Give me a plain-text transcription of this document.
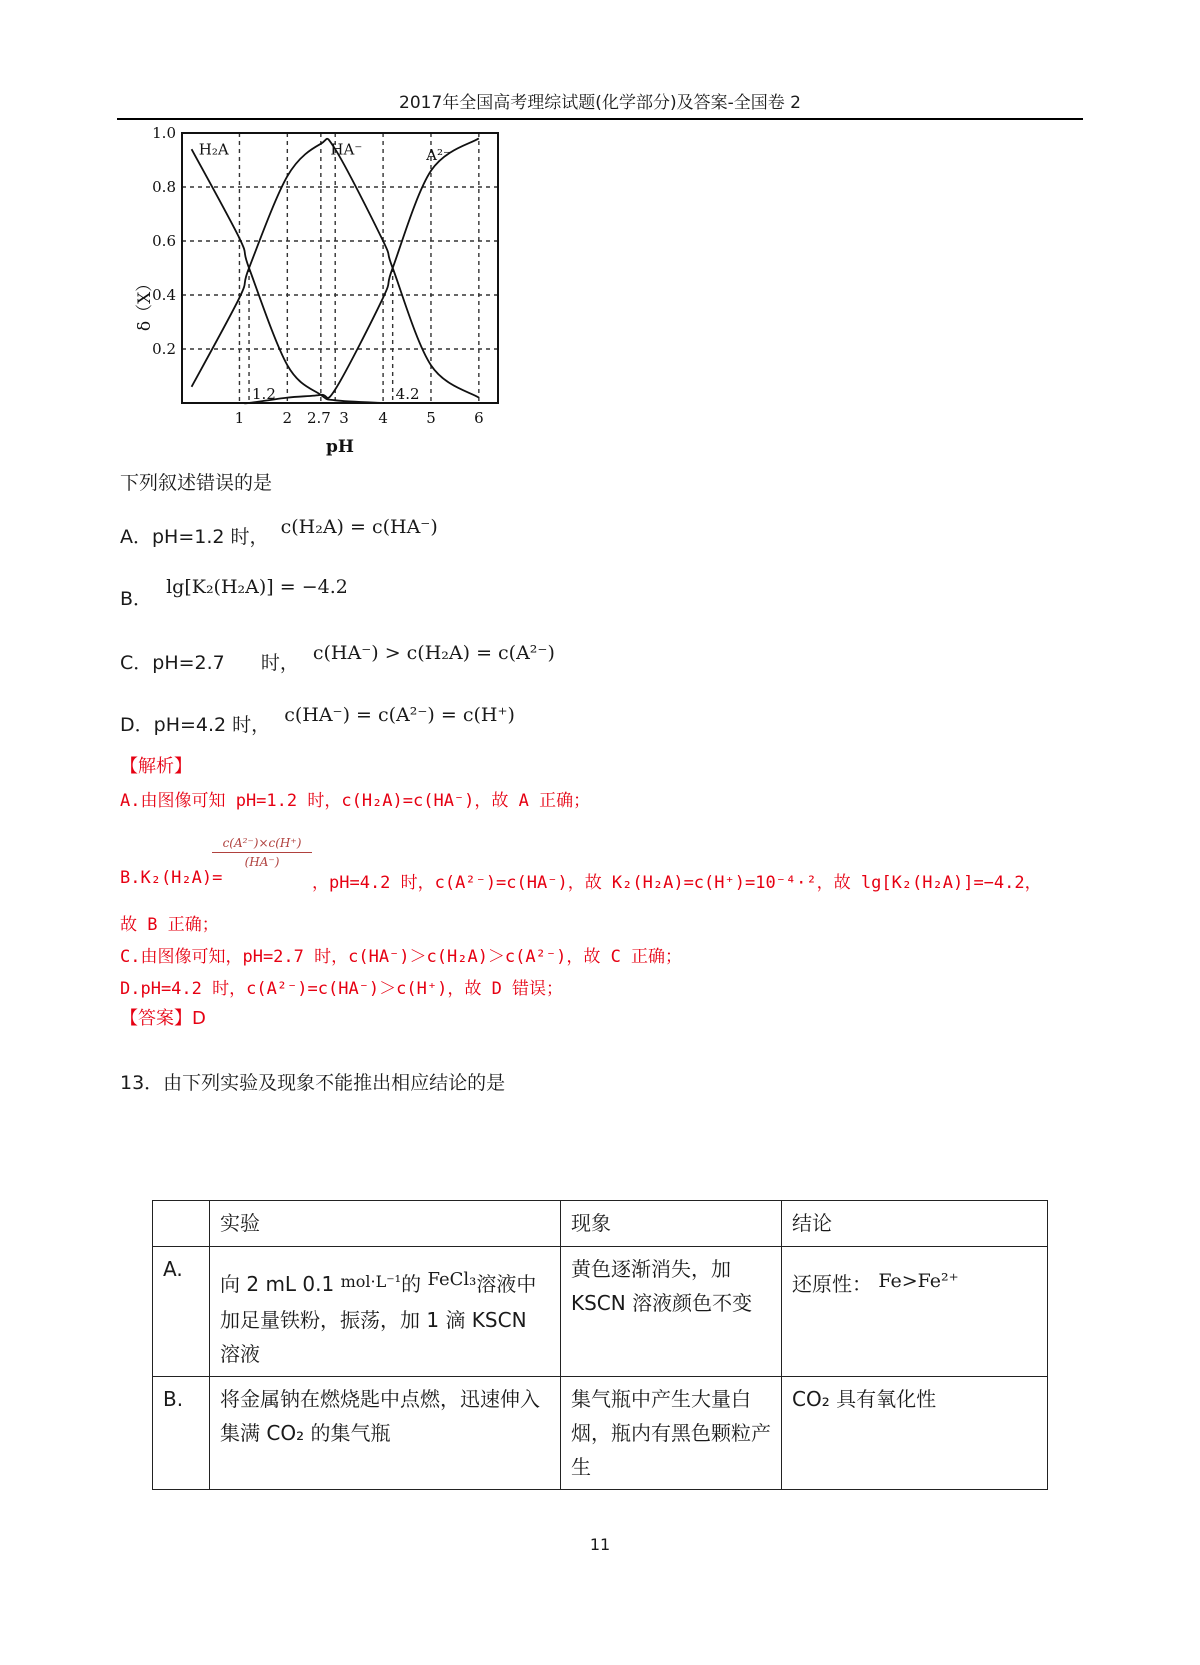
2017年全国高考理综试题(化学部分)及答案-全国卷 2
0.2
0.4
0.6
0.8
1.0
1	2 2.7 3 4	5	6
1.2	4.2
H₂A	HA⁻	A²⁻
δ（X）
pH
下列叙述错误的是
A．pH=1.2 时， c(H₂A) = c(HA⁻)
B． lg[K₂(H₂A)] = −4.2
C．pH=2.7 时， c(HA⁻) > c(H₂A) = c(A²⁻)
D．pH=4.2 时， c(HA⁻) = c(A²⁻) = c(H⁺)
【解析】
A.由图像可知 pH=1.2 时，c(H₂A)=c(HA⁻)，故 A 正确；
$\frac{\text{c(A²⁻)×c(H⁺)}}{(HA^-)}$
B.K₂(H₂A)=	，pH=4.2 时，c(A²⁻)=c(HA⁻)，故 K₂(H₂A)=c(H⁺)=10⁻⁴·²，故 lg[K₂(H₂A)]=−4.2，
故 B 正确；
C.由图像可知，pH=2.7 时，c(HA⁻)＞c(H₂A)＞c(A²⁻)，故 C 正确；
D.pH=4.2 时，c(A²⁻)=c(HA⁻)＞c(H⁺)，故 D 错误；
【答案】D
13．由下列实验及现象不能推出相应结论的是
	实验	现象	结论
A.	向 2 mL 0.1 $^{mol\cdot L^{-1}}$的 FeCl₃溶液中加足量铁粉，振荡，加 1 滴 KSCN 溶液	黄色逐渐消失，加 KSCN 溶液颜色不变	还原性： Fe>Fe²⁺
B.	将金属钠在燃烧匙中点燃，迅速伸入集满 CO₂ 的集气瓶	集气瓶中产生大量白烟，瓶内有黑色颗粒产生	CO₂ 具有氧化性
11
